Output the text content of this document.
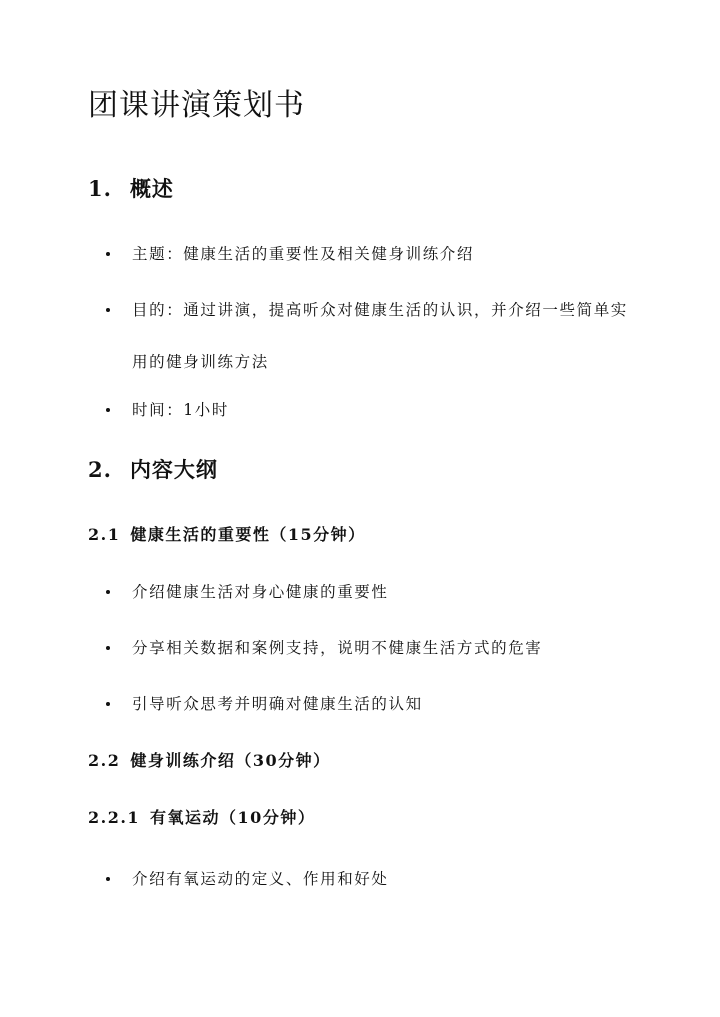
团课讲演策划书
1. 概述
主题：健康生活的重要性及相关健身训练介绍
目的：通过讲演，提高听众对健康生活的认识，并介绍一些简单实用的健身训练方法
时间：1小时
2. 内容大纲
2.1 健康生活的重要性（15分钟）
介绍健康生活对身心健康的重要性
分享相关数据和案例支持，说明不健康生活方式的危害
引导听众思考并明确对健康生活的认知
2.2 健身训练介绍（30分钟）
2.2.1 有氧运动（10分钟）
介绍有氧运动的定义、作用和好处
